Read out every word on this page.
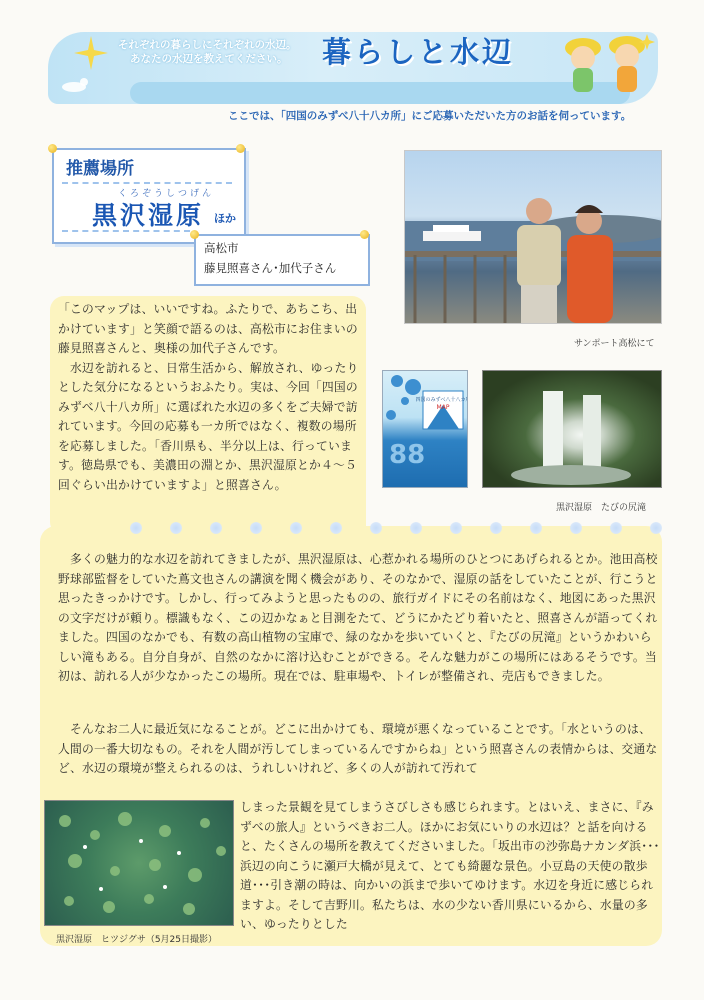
それぞれの暮らしにそれぞれの水辺。
あなたの水辺を教えてください。	暮らしと水辺
ここでは、「四国のみずべ八十八カ所」にご応募いただいた方のお話を伺っています。
推薦場所
くろぞうしつげん
黒沢湿原 ほか
高松市
藤見照喜さん･加代子さん
サンポート高松にて
四国のみずべ八十八カ所
MAP
88
黒沢湿原　たびの尻滝
「このマップは、いいですね。ふたりで、あちこち、出かけています」と笑顔で語るのは、高松市にお住まいの藤見照喜さんと、奥様の加代子さんです。
　水辺を訪れると、日常生活から、解放され、ゆったりとした気分になるというおふたり。実は、今回「四国のみずべ八十八カ所」に選ばれた水辺の多くをご夫婦で訪れています。今回の応募も一カ所ではなく、複数の場所を応募しました。「香川県も、半分以上は、行っています。徳島県でも、美濃田の淵とか、黒沢湿原とか４～５回ぐらい出かけていますよ」と照喜さん。
　多くの魅力的な水辺を訪れてきましたが、黒沢湿原は、心惹かれる場所のひとつにあげられるとか。池田高校野球部監督をしていた蔦文也さんの講演を聞く機会があり、そのなかで、湿原の話をしていたことが、行こうと思ったきっかけです。しかし、行ってみようと思ったものの、旅行ガイドにその名前はなく、地図にあった黒沢の文字だけが頼り。標識もなく、この辺かなぁと目測をたて、どうにかたどり着いたと、照喜さんが語ってくれました。四国のなかでも、有数の高山植物の宝庫で、緑のなかを歩いていくと、『たびの尻滝』というかわいらしい滝もある。自分自身が、自然のなかに溶け込むことができる。そんな魅力がこの場所にはあるそうです。当初は、訪れる人が少なかったこの場所。現在では、駐車場や、トイレが整備され、売店もできました。
　そんなお二人に最近気になることが。どこに出かけても、環境が悪くなっていることです。「水というのは、人間の一番大切なもの。それを人間が汚してしまっているんですからね」という照喜さんの表情からは、交通など、水辺の環境が整えられるのは、うれしいけれど、多くの人が訪れて汚れて
しまった景観を見てしまうさびしさも感じられます。とはいえ、まさに、『みずべの旅人』というべきお二人。ほかにお気にいりの水辺は？と話を向けると、たくさんの場所を教えてくださいました。「坂出市の沙弥島ナカンダ浜･･･浜辺の向こうに瀬戸大橋が見えて、とても綺麗な景色。小豆島の天使の散歩道･･･引き潮の時は、向かいの浜まで歩いてゆけます。水辺を身近に感じられますよ。そして吉野川。私たちは、水の少ない香川県にいるから、水量の多い、ゆったりとした
黒沢湿原　ヒツジグサ（5月25日撮影）
